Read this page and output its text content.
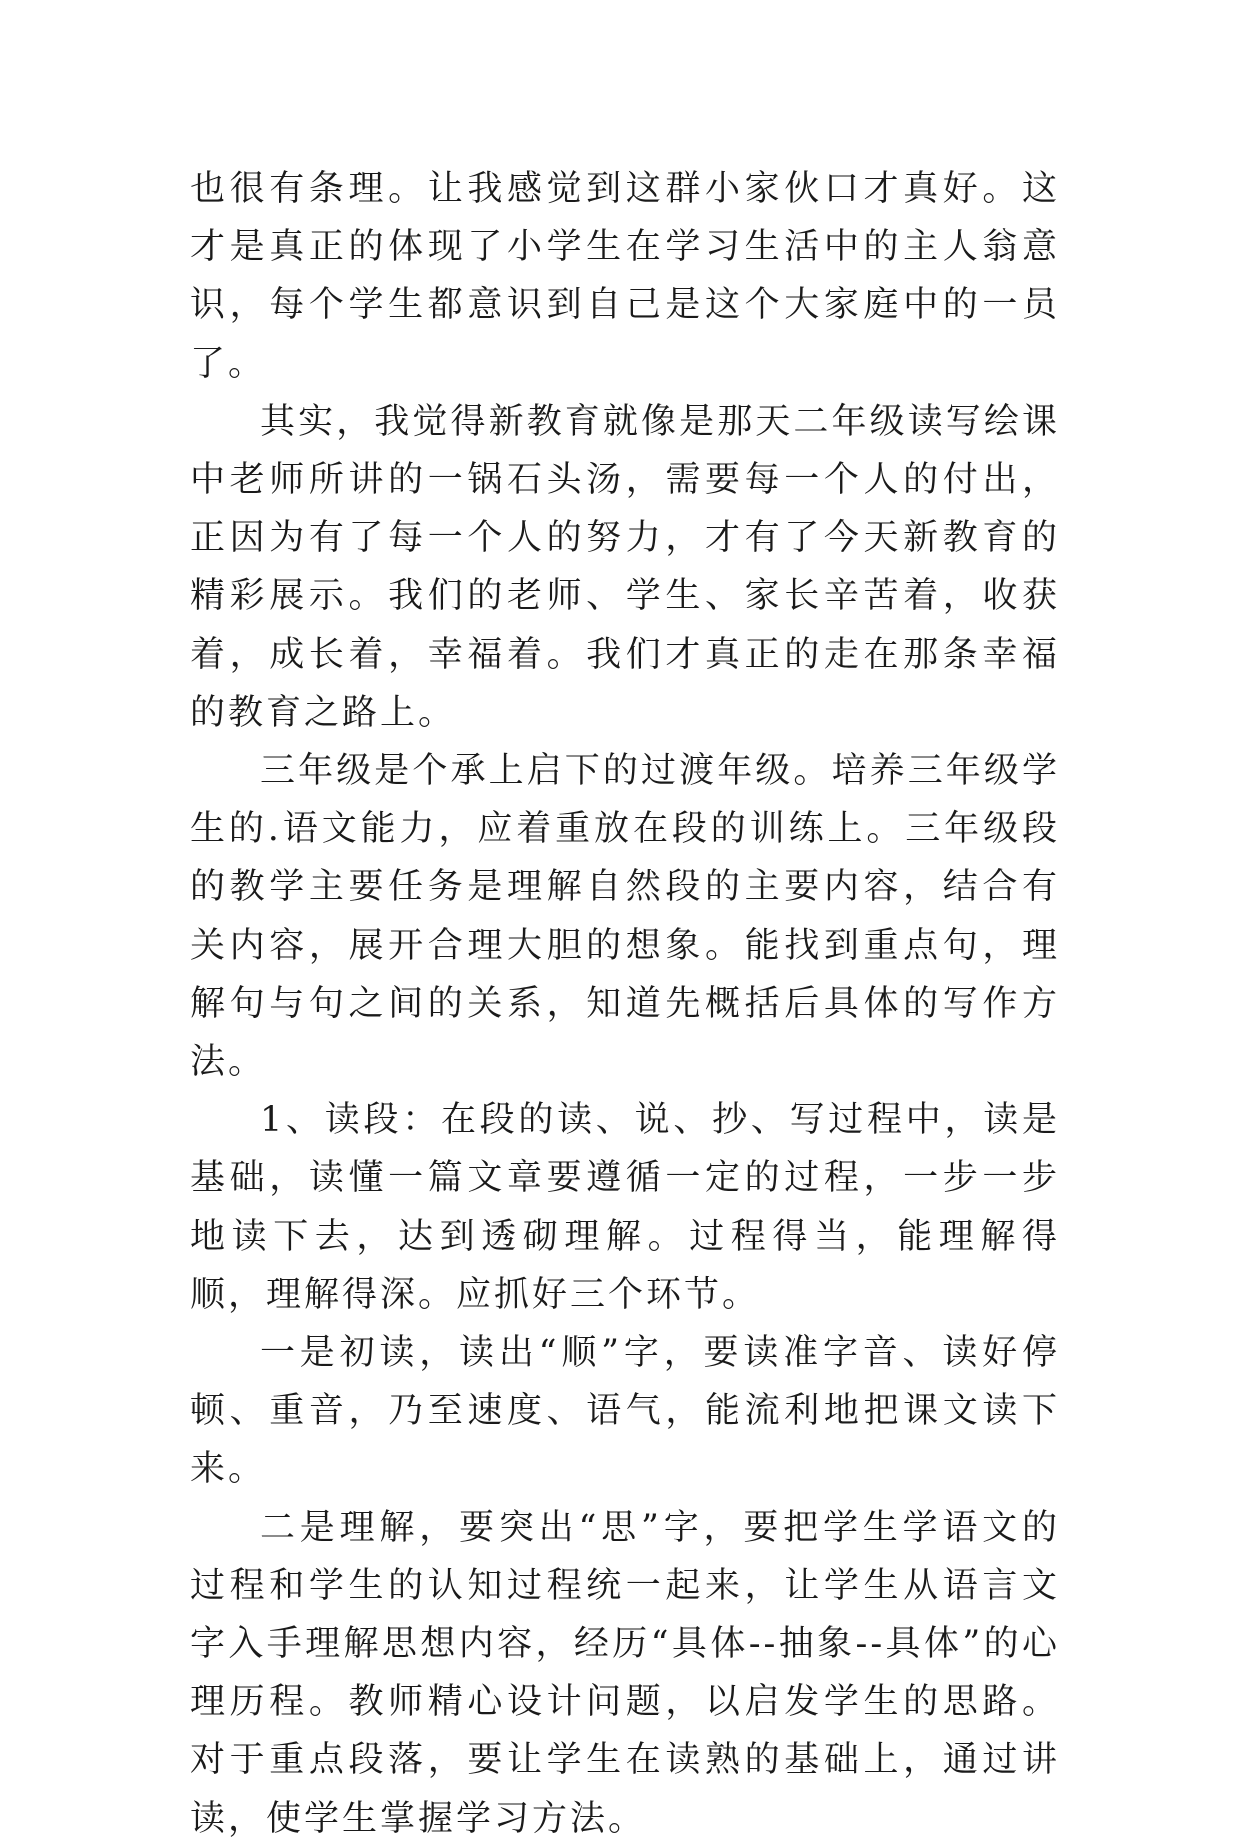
也很有条理。让我感觉到这群小家伙口才真好。这才是真正的体现了小学生在学习生活中的主人翁意识，每个学生都意识到自己是这个大家庭中的一员了。

其实，我觉得新教育就像是那天二年级读写绘课中老师所讲的一锅石头汤，需要每一个人的付出，正因为有了每一个人的努力，才有了今天新教育的精彩展示。我们的老师、学生、家长辛苦着，收获着，成长着，幸福着。我们才真正的走在那条幸福的教育之路上。

三年级是个承上启下的过渡年级。培养三年级学生的.语文能力，应着重放在段的训练上。三年级段的教学主要任务是理解自然段的主要内容，结合有关内容，展开合理大胆的想象。能找到重点句，理解句与句之间的关系，知道先概括后具体的写作方法。

1、读段：在段的读、说、抄、写过程中，读是基础，读懂一篇文章要遵循一定的过程，一步一步地读下去，达到透砌理解。过程得当，能理解得顺，理解得深。应抓好三个环节。

一是初读，读出“顺”字，要读准字音、读好停顿、重音，乃至速度、语气，能流利地把课文读下来。

二是理解，要突出“思”字，要把学生学语文的过程和学生的认知过程统一起来，让学生从语言文字入手理解思想内容，经历“具体--抽象--具体”的心理历程。教师精心设计问题，以启发学生的思路。对于重点段落，要让学生在读熟的基础上，通过讲读，使学生掌握学习方法。
